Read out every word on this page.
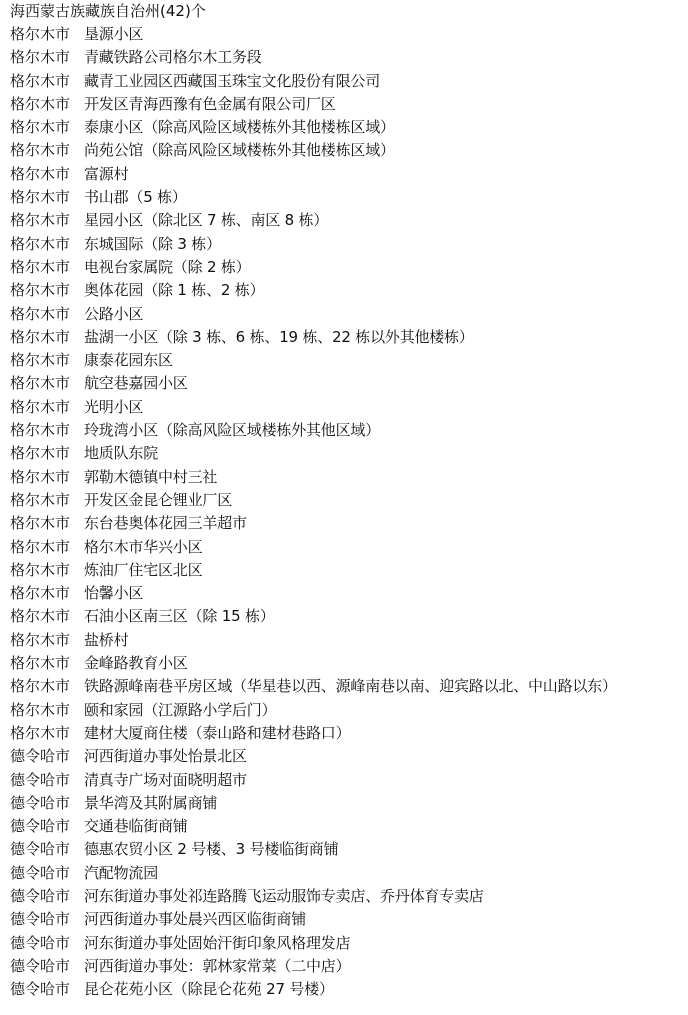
海西蒙古族藏族自治州(42)个
格尔木市 垦源小区
格尔木市 青藏铁路公司格尔木工务段
格尔木市 藏青工业园区西藏国玉珠宝文化股份有限公司
格尔木市 开发区青海西豫有色金属有限公司厂区
格尔木市 泰康小区（除高风险区域楼栋外其他楼栋区域）
格尔木市 尚苑公馆（除高风险区域楼栋外其他楼栋区域）
格尔木市 富源村
格尔木市 书山郡（5 栋）
格尔木市 星园小区（除北区 7 栋、南区 8 栋）
格尔木市 东城国际（除 3 栋）
格尔木市 电视台家属院（除 2 栋）
格尔木市 奥体花园（除 1 栋、2 栋）
格尔木市 公路小区
格尔木市 盐湖一小区（除 3 栋、6 栋、19 栋、22 栋以外其他楼栋）
格尔木市 康泰花园东区
格尔木市 航空巷嘉园小区
格尔木市 光明小区
格尔木市 玲珑湾小区（除高风险区域楼栋外其他区域）
格尔木市 地质队东院
格尔木市 郭勒木德镇中村三社
格尔木市 开发区金昆仑锂业厂区
格尔木市 东台巷奥体花园三羊超市
格尔木市 格尔木市华兴小区
格尔木市 炼油厂住宅区北区
格尔木市 怡馨小区
格尔木市 石油小区南三区（除 15 栋）
格尔木市 盐桥村
格尔木市 金峰路教育小区
格尔木市 铁路源峰南巷平房区域（华星巷以西、源峰南巷以南、迎宾路以北、中山路以东）
格尔木市 颐和家园（江源路小学后门）
格尔木市 建材大厦商住楼（泰山路和建材巷路口）
德令哈市 河西街道办事处怡景北区
德令哈市 清真寺广场对面晓明超市
德令哈市 景华湾及其附属商铺
德令哈市 交通巷临街商铺
德令哈市 德惠农贸小区 2 号楼、3 号楼临街商铺
德令哈市 汽配物流园
德令哈市 河东街道办事处祁连路腾飞运动服饰专卖店、乔丹体育专卖店
德令哈市 河西街道办事处晨兴西区临街商铺
德令哈市 河东街道办事处固始汗街印象风格理发店
德令哈市 河西街道办事处：郭林家常菜（二中店）
德令哈市 昆仑花苑小区（除昆仑花苑 27 号楼）
